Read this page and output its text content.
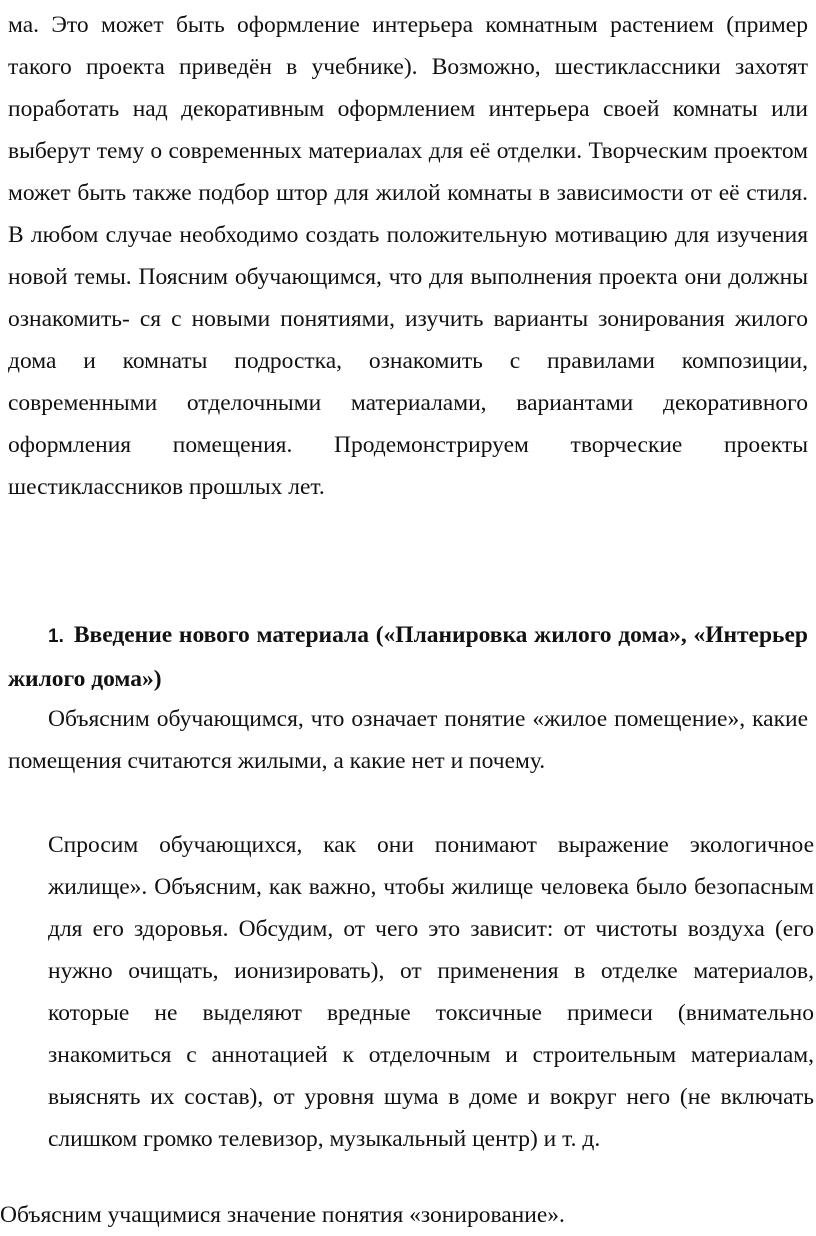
ма. Это может быть оформление интерьера комнатным растением (пример такого проекта приведён в учебнике). Возможно, шестиклассники захотят поработать над декоративным оформлением интерьера своей комнаты или выберут тему о современных материалах для её отделки. Творческим проектом может быть также подбор штор для жилой комнаты в зависимости от её стиля. В любом случае необходимо создать положительную мотивацию для изучения новой темы. Поясним обучающимся, что для выполнения проекта они должны ознакомить- ся с новыми понятиями, изучить варианты зонирования жилого дома и комнаты подростка, ознакомить с правилами композиции, современными отделочными материалами, вариантами декоративного оформления помещения. Продемонстрируем творческие проекты шестиклассников прошлых лет.

1. Введение нового материала («Планировка жилого дома», «Интерьер жилого дома»)

Объясним обучающимся, что означает понятие «жилое помещение», какие помещения считаются жилыми, а какие нет и почему.

Спросим обучающихся, как они понимают выражение экологичное жилище». Объясним, как важно, чтобы жилище человека было безопасным для его здоровья. Обсудим, от чего это зависит: от чистоты воздуха (его нужно очищать, ионизировать), от применения в отделке материалов, которые не выделяют вредные токсичные примеси (внимательно знакомиться с аннотацией к отделочным и строительным материалам, выяснять их состав), от уровня шума в доме и вокруг него (не включать слишком громко телевизор, музыкальный центр) и т. д.

Объясним учащимися значение понятия «зонирование».
